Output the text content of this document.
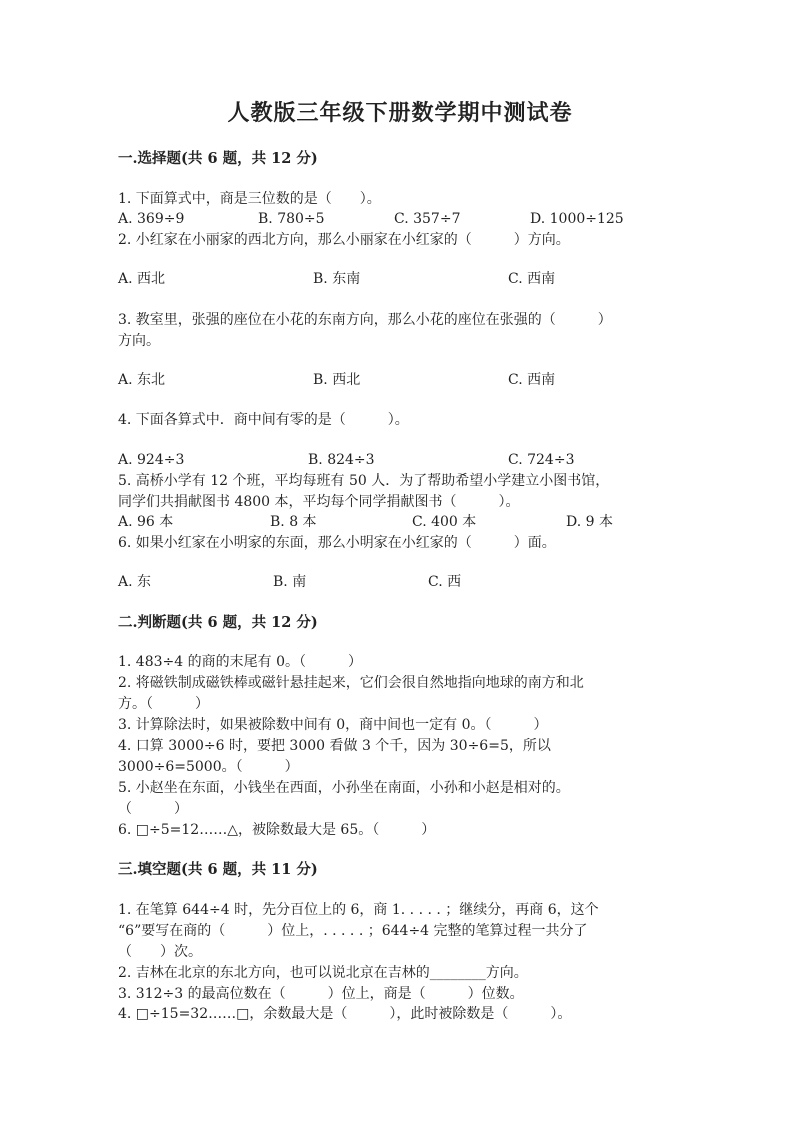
人教版三年级下册数学期中测试卷
一.选择题(共 6 题，共 12 分)
1. 下面算式中，商是三位数的是（　　）。
A. 369÷9	B. 780÷5	C. 357÷7	D. 1000÷125
2. 小红家在小丽家的西北方向，那么小丽家在小红家的（　　　）方向。
A. 西北	B. 东南	C. 西南
3. 教室里，张强的座位在小花的东南方向，那么小花的座位在张强的（　　　）
方向。
A. 东北	B. 西北	C. 西南
4. 下面各算式中．商中间有零的是（　　　）。
A. 924÷3	B. 824÷3	C. 724÷3
5. 高桥小学有 12 个班，平均每班有 50 人．为了帮助希望小学建立小图书馆，
同学们共捐献图书 4800 本，平均每个同学捐献图书（　　　）。
A. 96 本	B. 8 本	C. 400 本	D. 9 本
6. 如果小红家在小明家的东面，那么小明家在小红家的（　　　）面。
A. 东	B. 南	C. 西
二.判断题(共 6 题，共 12 分)
1. 483÷4 的商的末尾有 0。（　　　）
2. 将磁铁制成磁铁棒或磁针悬挂起来，它们会很自然地指向地球的南方和北
方。（　　　）
3. 计算除法时，如果被除数中间有 0，商中间也一定有 0。（　　　）
4. 口算 3000÷6 时，要把 3000 看做 3 个千，因为 30÷6=5，所以
3000÷6=5000。（　　　）
5. 小赵坐在东面，小钱坐在西面，小孙坐在南面，小孙和小赵是相对的。
（　　　）
6. □÷5=12……△，被除数最大是 65。（　　　）
三.填空题(共 6 题，共 11 分)
1. 在笔算 644÷4 时，先分百位上的 6，商 1. . . . . ；继续分，再商 6，这个
“6”要写在商的（　　　）位上，. . . . . ；644÷4 完整的笔算过程一共分了
（　　）次。
2. 吉林在北京的东北方向，也可以说北京在吉林的________方向。
3. 312÷3 的最高位数在（　　　）位上，商是（　　　）位数。
4. □÷15=32……□，余数最大是（　　　），此时被除数是（　　　）。
